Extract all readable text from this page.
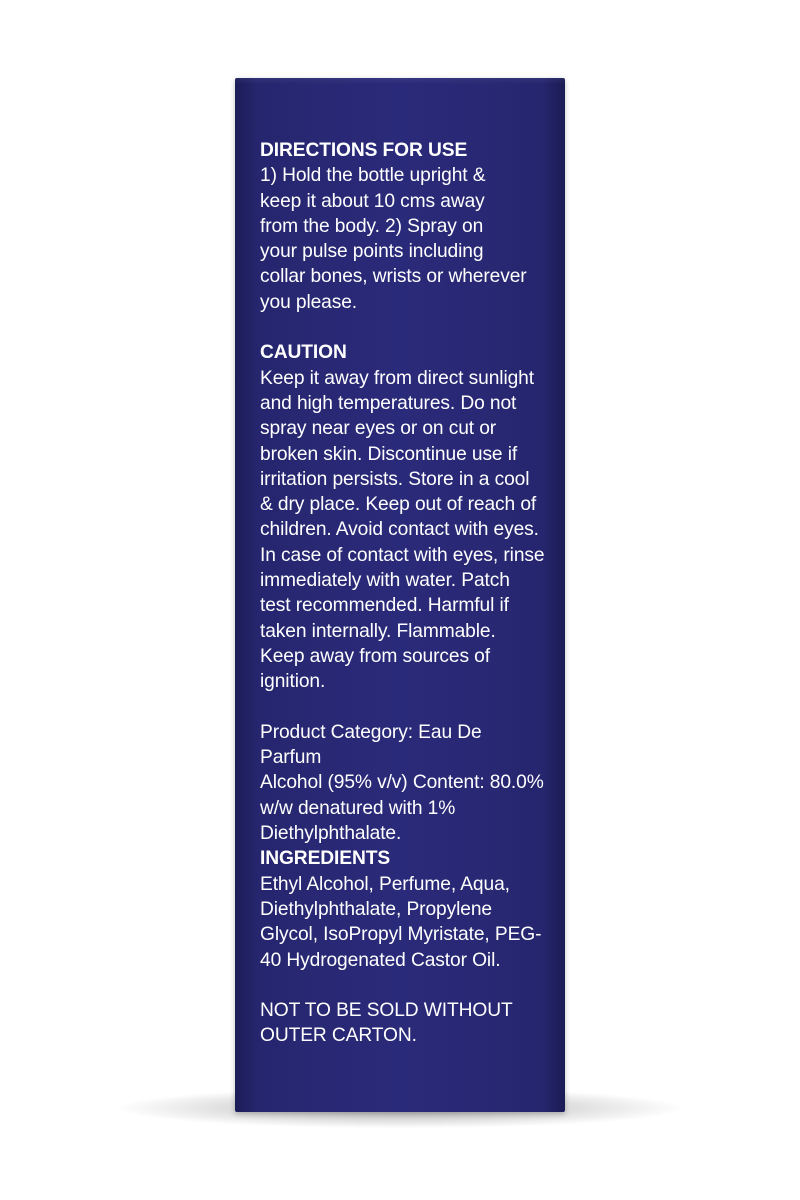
DIRECTIONS FOR USE
1) Hold the bottle upright &
keep it about 10 cms away
from the body. 2) Spray on
your pulse points including
collar bones, wrists or wherever
you please.
CAUTION
Keep it away from direct sunlight
and high temperatures. Do not
spray near eyes or on cut or
broken skin. Discontinue use if
irritation persists. Store in a cool
& dry place. Keep out of reach of
children. Avoid contact with eyes.
In case of contact with eyes, rinse
immediately with water. Patch
test recommended. Harmful if
taken internally. Flammable.
Keep away from sources of
ignition.
Product Category: Eau De
Parfum
Alcohol (95% v/v) Content: 80.0%
w/w denatured with 1%
Diethylphthalate.
INGREDIENTS
Ethyl Alcohol, Perfume, Aqua,
Diethylphthalate, Propylene
Glycol, IsoPropyl Myristate, PEG-
40 Hydrogenated Castor Oil.
NOT TO BE SOLD WITHOUT
OUTER CARTON.
